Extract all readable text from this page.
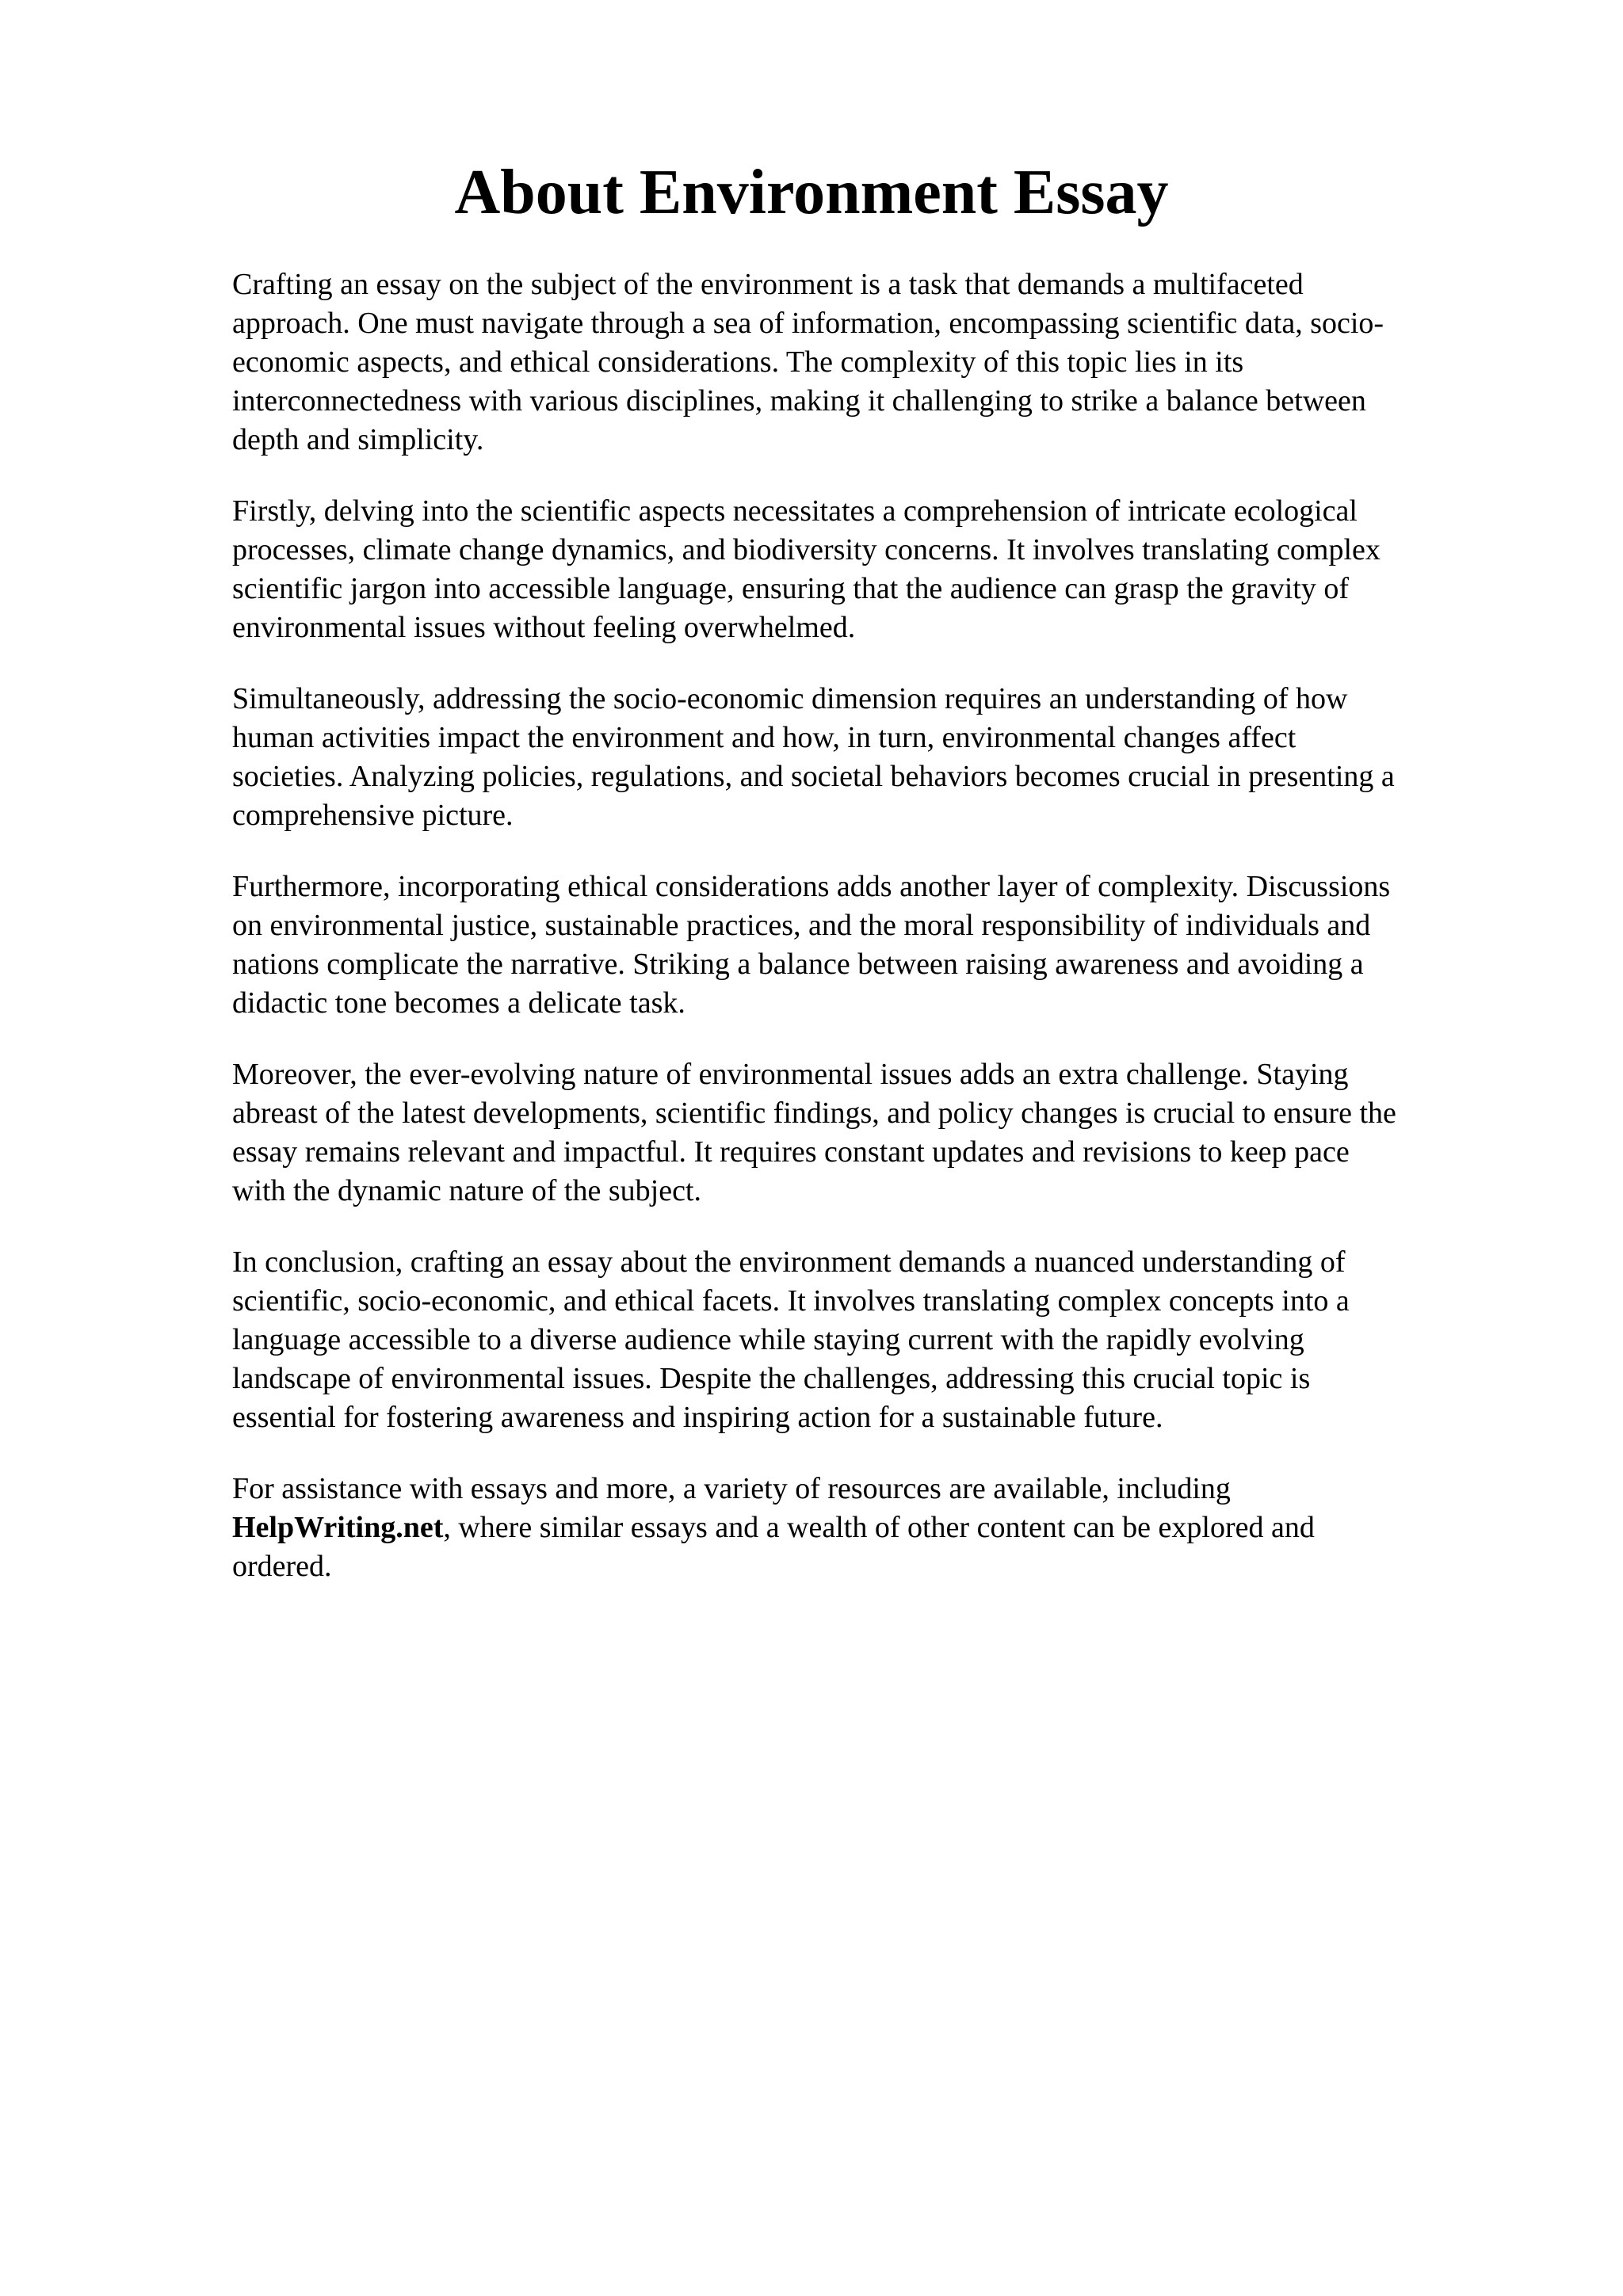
About Environment Essay

Crafting an essay on the subject of the environment is a task that demands a multifaceted
approach. One must navigate through a sea of information, encompassing scientific data, socio-
economic aspects, and ethical considerations. The complexity of this topic lies in its
interconnectedness with various disciplines, making it challenging to strike a balance between
depth and simplicity.

Firstly, delving into the scientific aspects necessitates a comprehension of intricate ecological
processes, climate change dynamics, and biodiversity concerns. It involves translating complex
scientific jargon into accessible language, ensuring that the audience can grasp the gravity of
environmental issues without feeling overwhelmed.

Simultaneously, addressing the socio-economic dimension requires an understanding of how
human activities impact the environment and how, in turn, environmental changes affect
societies. Analyzing policies, regulations, and societal behaviors becomes crucial in presenting a
comprehensive picture.

Furthermore, incorporating ethical considerations adds another layer of complexity. Discussions
on environmental justice, sustainable practices, and the moral responsibility of individuals and
nations complicate the narrative. Striking a balance between raising awareness and avoiding a
didactic tone becomes a delicate task.

Moreover, the ever-evolving nature of environmental issues adds an extra challenge. Staying
abreast of the latest developments, scientific findings, and policy changes is crucial to ensure the
essay remains relevant and impactful. It requires constant updates and revisions to keep pace
with the dynamic nature of the subject.

In conclusion, crafting an essay about the environment demands a nuanced understanding of
scientific, socio-economic, and ethical facets. It involves translating complex concepts into a
language accessible to a diverse audience while staying current with the rapidly evolving
landscape of environmental issues. Despite the challenges, addressing this crucial topic is
essential for fostering awareness and inspiring action for a sustainable future.

For assistance with essays and more, a variety of resources are available, including
HelpWriting.net, where similar essays and a wealth of other content can be explored and
ordered.
